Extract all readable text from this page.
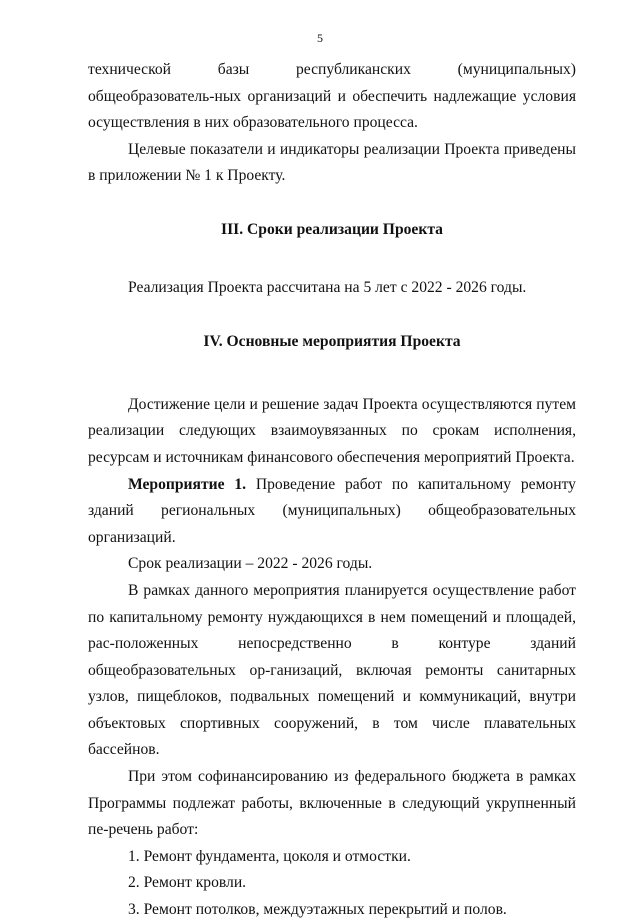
5

технической базы республиканских (муниципальных) общеобразователь-ных организаций и обеспечить надлежащие условия осуществления в них образовательного процесса.

Целевые показатели и индикаторы реализации Проекта приведены в приложении № 1 к Проекту.

III. Сроки реализации Проекта

Реализация Проекта рассчитана на 5 лет с 2022 - 2026 годы.

IV. Основные мероприятия Проекта

Достижение цели и решение задач Проекта осуществляются путем реализации следующих взаимоувязанных по срокам исполнения, ресурсам и источникам финансового обеспечения мероприятий Проекта.

Мероприятие 1. Проведение работ по капитальному ремонту зданий региональных (муниципальных) общеобразовательных организаций.

Срок реализации – 2022 - 2026 годы.

В рамках данного мероприятия планируется осуществление работ по капитальному ремонту нуждающихся в нем помещений и площадей, рас-положенных непосредственно в контуре зданий общеобразовательных ор-ганизаций, включая ремонты санитарных узлов, пищеблоков, подвальных помещений и коммуникаций, внутри объектовых спортивных сооружений, в том числе плавательных бассейнов.

При этом софинансированию из федерального бюджета в рамках Программы подлежат работы, включенные в следующий укрупненный пе-речень работ:

1. Ремонт фундамента, цоколя и отмостки.

2. Ремонт кровли.

3. Ремонт потолков, междуэтажных перекрытий и полов.
